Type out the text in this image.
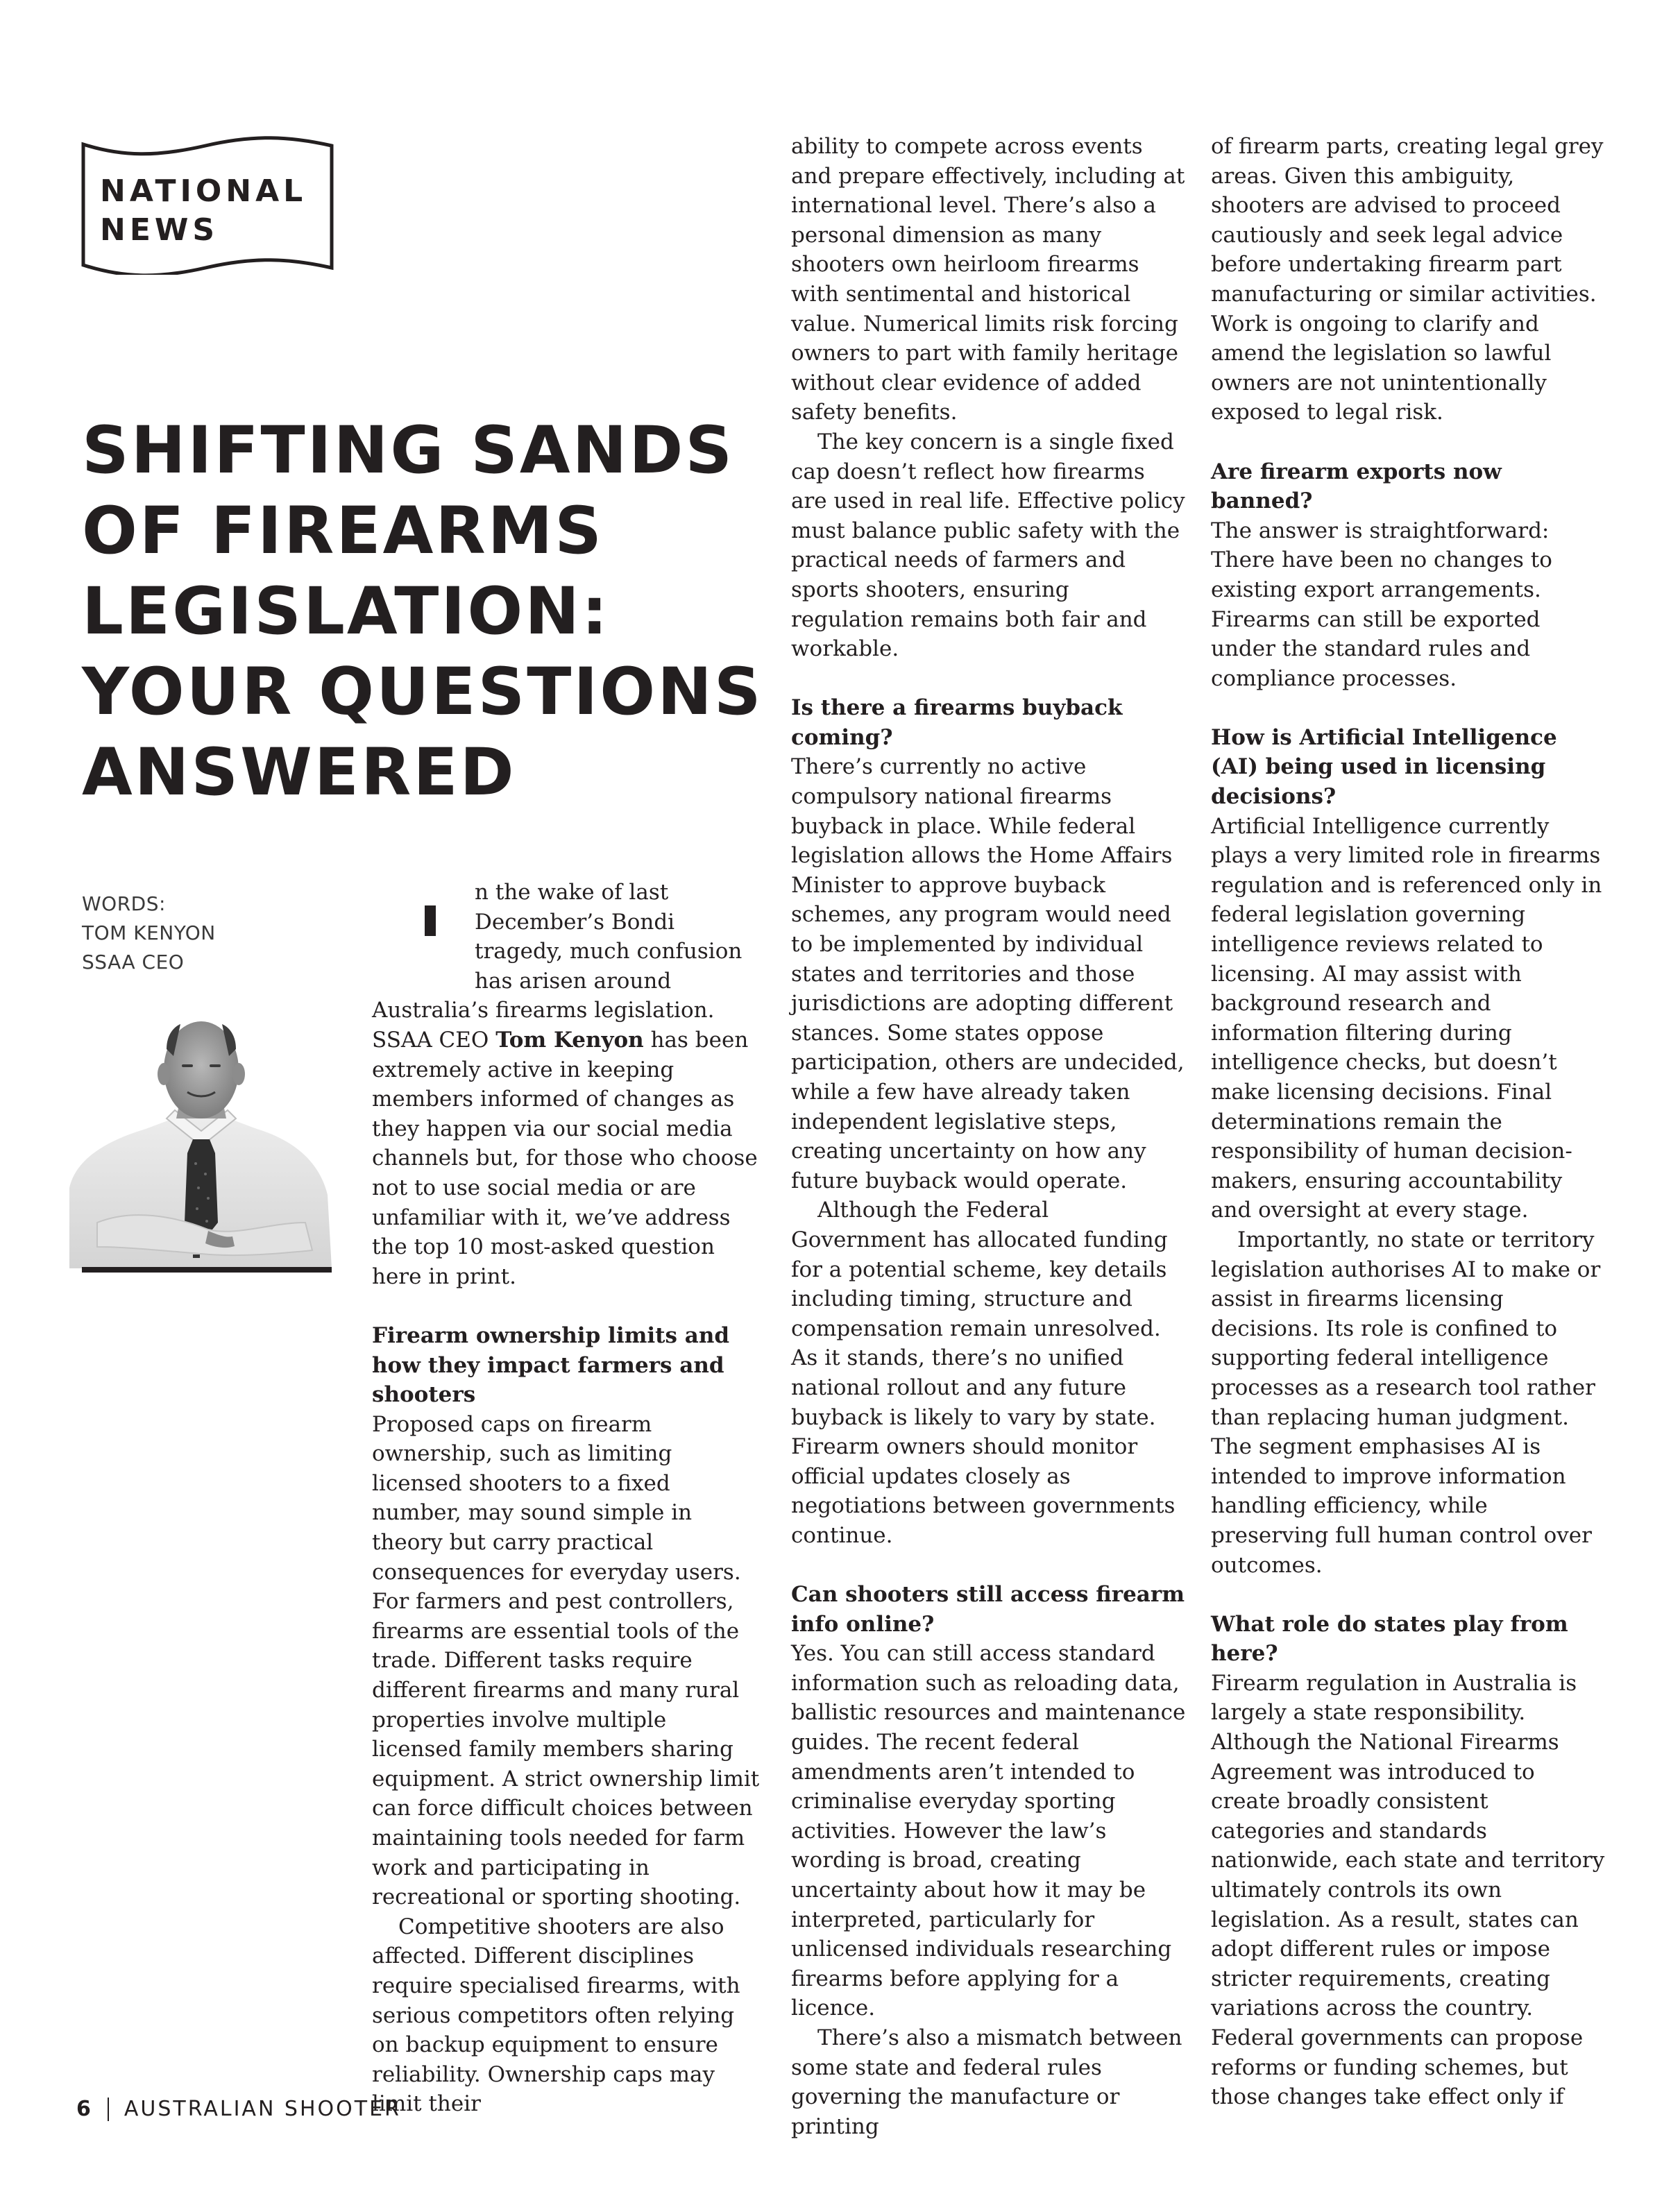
NATIONAL
NEWS
SHIFTING SANDS
OF FIREARMS
LEGISLATION:
YOUR QUESTIONS
ANSWERED
WORDS:
TOM KENYON
SSAA CEO

n the wake of last December’s Bondi tragedy, much confusion has arisen around Australia’s firearms legislation. SSAA CEO Tom Kenyon has been extremely active in keeping members informed of changes as they happen via our social media channels but, for those who choose not to use social media or are unfamiliar with it, we’ve address the top 10 most-asked question here in print.

Firearm ownership limits and how they impact farmers and shooters

Proposed caps on firearm ownership, such as limiting licensed shooters to a fixed number, may sound simple in theory but carry practical consequences for everyday users. For farmers and pest controllers, firearms are essential tools of the trade. Different tasks require different firearms and many rural properties involve multiple licensed family members sharing equipment. A strict ownership limit can force difficult choices between maintaining tools needed for farm work and participating in recreational or sporting shooting.

Competitive shooters are also affected. Different disciplines require specialised firearms, with serious competitors often relying on backup equipment to ensure reliability. Ownership caps may limit their

ability to compete across events and prepare effectively, including at international level. There’s also a personal dimension as many shooters own heirloom firearms with sentimental and historical value. Numerical limits risk forcing owners to part with family heritage without clear evidence of added safety benefits.

The key concern is a single fixed cap doesn’t reflect how firearms are used in real life. Effective policy must balance public safety with the practical needs of farmers and sports shooters, ensuring regulation remains both fair and workable.

Is there a firearms buyback coming?

There’s currently no active compulsory national firearms buyback in place. While federal legislation allows the Home Affairs Minister to approve buyback schemes, any program would need to be implemented by individual states and territories and those jurisdictions are adopting different stances. Some states oppose participation, others are undecided, while a few have already taken independent legislative steps, creating uncertainty on how any future buyback would operate.

Although the Federal Government has allocated funding for a potential scheme, key details including timing, structure and compensation remain unresolved. As it stands, there’s no unified national rollout and any future buyback is likely to vary by state. Firearm owners should monitor official updates closely as negotiations between governments continue.

Can shooters still access firearm info online?

Yes. You can still access standard information such as reloading data, ballistic resources and maintenance guides. The recent federal amendments aren’t intended to criminalise everyday sporting activities. However the law’s wording is broad, creating uncertainty about how it may be interpreted, particularly for unlicensed individuals researching firearms before applying for a licence.

There’s also a mismatch between some state and federal rules governing the manufacture or printing

of firearm parts, creating legal grey areas. Given this ambiguity, shooters are advised to proceed cautiously and seek legal advice before undertaking firearm part manufacturing or similar activities. Work is ongoing to clarify and amend the legislation so lawful owners are not unintentionally exposed to legal risk.

Are firearm exports now banned?

The answer is straightforward: There have been no changes to existing export arrangements. Firearms can still be exported under the standard rules and compliance processes.

How is Artificial Intelligence (AI) being used in licensing decisions?

Artificial Intelligence currently plays a very limited role in firearms regulation and is referenced only in federal legislation governing intelligence reviews related to licensing. AI may assist with background research and information filtering during intelligence checks, but doesn’t make licensing decisions. Final determinations remain the responsibility of human decision-makers, ensuring accountability and oversight at every stage.

Importantly, no state or territory legislation authorises AI to make or assist in firearms licensing decisions. Its role is confined to supporting federal intelligence processes as a research tool rather than replacing human judgment. The segment emphasises AI is intended to improve information handling efficiency, while preserving full human control over outcomes.

What role do states play from here?

Firearm regulation in Australia is largely a state responsibility. Although the National Firearms Agreement was introduced to create broadly consistent categories and standards nationwide, each state and territory ultimately controls its own legislation. As a result, states can adopt different rules or impose stricter requirements, creating variations across the country. Federal governments can propose reforms or funding schemes, but those changes take effect only if

6 AUSTRALIAN SHOOTER
